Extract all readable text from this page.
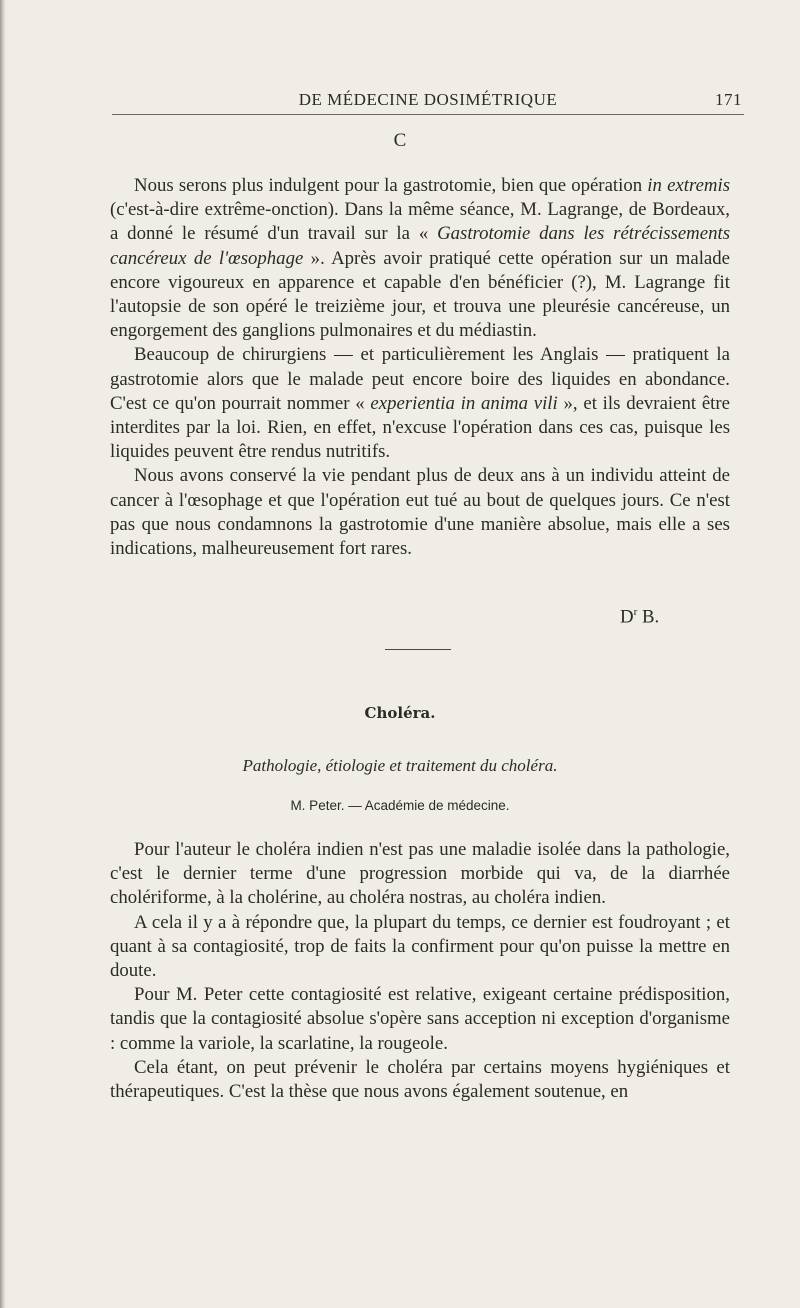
DE MÉDECINE DOSIMÉTRIQUE	171
C

Nous serons plus indulgent pour la gastrotomie, bien que opération in extremis (c'est-à-dire extrême-onction). Dans la même séance, M. Lagrange, de Bordeaux, a donné le résumé d'un travail sur la « Gastrotomie dans les rétrécissements cancéreux de l'œsophage ». Après avoir pratiqué cette opération sur un malade encore vigoureux en apparence et capable d'en bénéficier (?), M. Lagrange fit l'autopsie de son opéré le treizième jour, et trouva une pleurésie cancéreuse, un engorgement des ganglions pulmonaires et du médiastin.

Beaucoup de chirurgiens — et particulièrement les Anglais — pratiquent la gastrotomie alors que le malade peut encore boire des liquides en abondance. C'est ce qu'on pourrait nommer « experientia in anima vili », et ils devraient être interdites par la loi. Rien, en effet, n'excuse l'opération dans ces cas, puisque les liquides peuvent être rendus nutritifs.

Nous avons conservé la vie pendant plus de deux ans à un individu atteint de cancer à l'œsophage et que l'opération eut tué au bout de quelques jours. Ce n'est pas que nous condamnons la gastrotomie d'une manière absolue, mais elle a ses indications, malheureusement fort rares.

$D^r$ B.
Choléra.
Pathologie, étiologie et traitement du choléra.
M. Peter. — Académie de médecine.

Pour l'auteur le choléra indien n'est pas une maladie isolée dans la pathologie, c'est le dernier terme d'une progression morbide qui va, de la diarrhée cholériforme, à la cholérine, au choléra nostras, au choléra indien.

A cela il y a à répondre que, la plupart du temps, ce dernier est foudroyant ; et quant à sa contagiosité, trop de faits la confirment pour qu'on puisse la mettre en doute.

Pour M. Peter cette contagiosité est relative, exigeant certaine prédisposition, tandis que la contagiosité absolue s'opère sans acception ni exception d'organisme : comme la variole, la scarlatine, la rougeole.

Cela étant, on peut prévenir le choléra par certains moyens hygiéniques et thérapeutiques. C'est la thèse que nous avons également soutenue, en
